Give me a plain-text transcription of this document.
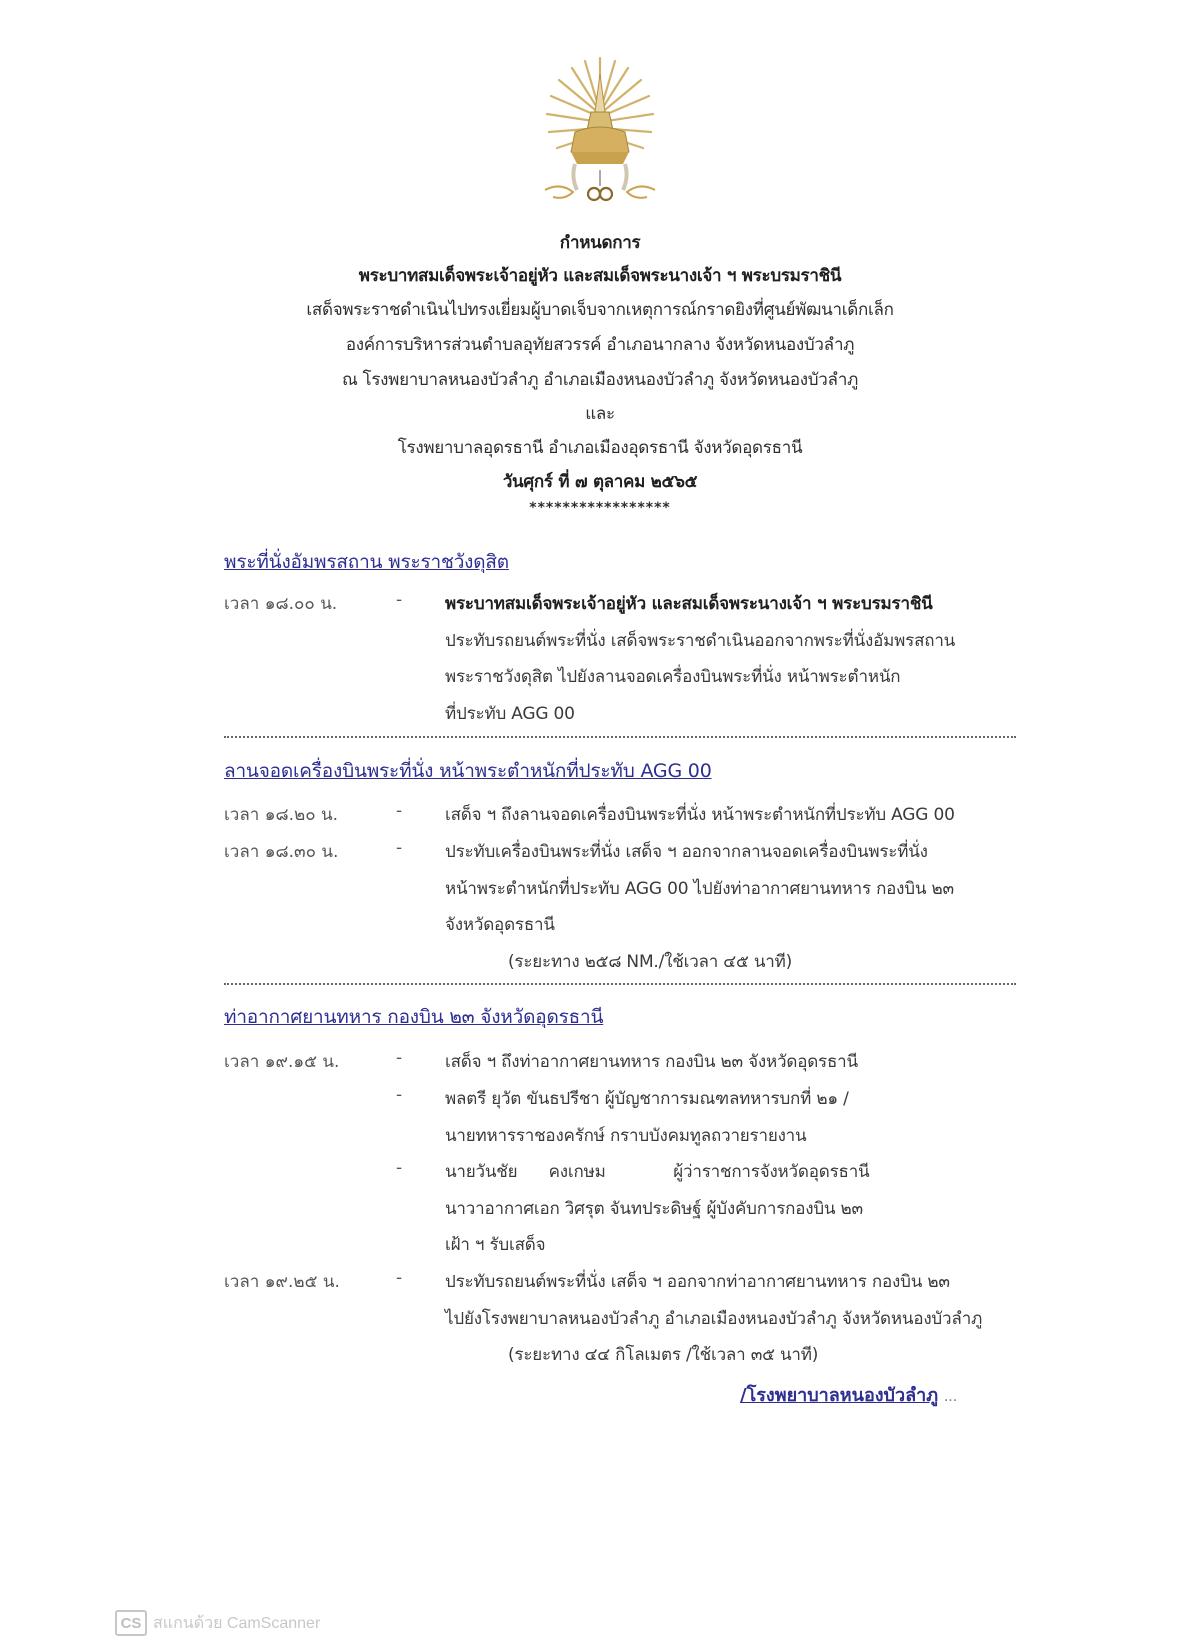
กำหนดการ
พระบาทสมเด็จพระเจ้าอยู่หัว และสมเด็จพระนางเจ้า ฯ พระบรมราชินี
เสด็จพระราชดำเนินไปทรงเยี่ยมผู้บาดเจ็บจากเหตุการณ์กราดยิงที่ศูนย์พัฒนาเด็กเล็ก
องค์การบริหารส่วนตำบลอุทัยสวรรค์ อำเภอนากลาง จังหวัดหนองบัวลำภู
ณ โรงพยาบาลหนองบัวลำภู อำเภอเมืองหนองบัวลำภู จังหวัดหนองบัวลำภู
และ
โรงพยาบาลอุดรธานี อำเภอเมืองอุดรธานี จังหวัดอุดรธานี
วันศุกร์ ที่ ๗ ตุลาคม ๒๕๖๕
*****************
พระที่นั่งอัมพรสถาน พระราชวังดุสิต
เวลา ๑๘.๐๐ น.	-	พระบาทสมเด็จพระเจ้าอยู่หัว และสมเด็จพระนางเจ้า ฯ พระบรมราชินี
ประทับรถยนต์พระที่นั่ง เสด็จพระราชดำเนินออกจากพระที่นั่งอัมพรสถาน
พระราชวังดุสิต ไปยังลานจอดเครื่องบินพระที่นั่ง หน้าพระตำหนัก
ที่ประทับ AGG 00
ลานจอดเครื่องบินพระที่นั่ง หน้าพระตำหนักที่ประทับ AGG 00
เวลา ๑๘.๒๐ น.	-	เสด็จ ฯ ถึงลานจอดเครื่องบินพระที่นั่ง หน้าพระตำหนักที่ประทับ AGG 00
เวลา ๑๘.๓๐ น.	-	ประทับเครื่องบินพระที่นั่ง เสด็จ ฯ ออกจากลานจอดเครื่องบินพระที่นั่ง
หน้าพระตำหนักที่ประทับ AGG 00 ไปยังท่าอากาศยานทหาร กองบิน ๒๓
จังหวัดอุดรธานี
(ระยะทาง ๒๕๘ NM./ใช้เวลา ๔๕ นาที)
ท่าอากาศยานทหาร กองบิน ๒๓ จังหวัดอุดรธานี
เวลา ๑๙.๑๕ น.	-	เสด็จ ฯ ถึงท่าอากาศยานทหาร กองบิน ๒๓ จังหวัดอุดรธานี
-	พลตรี ยุวัต ขันธปรีชา ผู้บัญชาการมณฑลทหารบกที่ ๒๑ /
นายทหารราชองครักษ์ กราบบังคมทูลถวายรายงาน
-	นายวันชัย      คงเกษม             ผู้ว่าราชการจังหวัดอุดรธานี
นาวาอากาศเอก วิศรุต จันทประดิษฐ์ ผู้บังคับการกองบิน ๒๓
เฝ้า ฯ รับเสด็จ
เวลา ๑๙.๒๕ น.	-	ประทับรถยนต์พระที่นั่ง เสด็จ ฯ ออกจากท่าอากาศยานทหาร กองบิน ๒๓
ไปยังโรงพยาบาลหนองบัวลำภู อำเภอเมืองหนองบัวลำภู จังหวัดหนองบัวลำภู
(ระยะทาง ๔๔ กิโลเมตร /ใช้เวลา ๓๕ นาที)
/โรงพยาบาลหนองบัวลำภู ...
CS สแกนด้วย CamScanner
